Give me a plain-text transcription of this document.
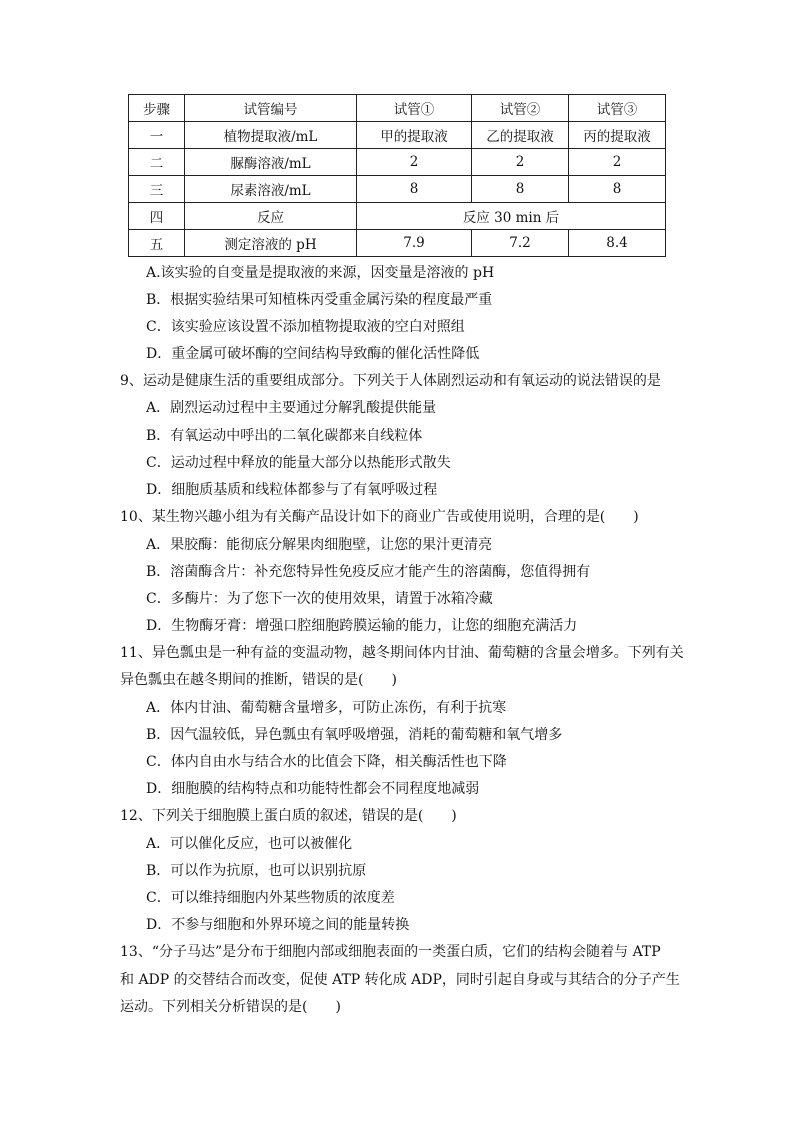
步骤	试管编号	试管①	试管②	试管③
一	植物提取液/mL	甲的提取液	乙的提取液	丙的提取液
二	脲酶溶液/mL	2	2	2
三	尿素溶液/mL	8	8	8
四	反应	反应 30 min 后		
五	测定溶液的 pH	7.9	7.2	8.4
A.该实验的自变量是提取液的来源，因变量是溶液的 pH
B．根据实验结果可知植株丙受重金属污染的程度最严重
C．该实验应该设置不添加植物提取液的空白对照组
D．重金属可破坏酶的空间结构导致酶的催化活性降低
9、运动是健康生活的重要组成部分。下列关于人体剧烈运动和有氧运动的说法错误的是
A．剧烈运动过程中主要通过分解乳酸提供能量
B．有氧运动中呼出的二氧化碳都来自线粒体
C．运动过程中释放的能量大部分以热能形式散失
D．细胞质基质和线粒体都参与了有氧呼吸过程
10、某生物兴趣小组为有关酶产品设计如下的商业广告或使用说明，合理的是(　　)
A．果胶酶：能彻底分解果肉细胞壁，让您的果汁更清亮
B．溶菌酶含片：补充您特异性免疫反应才能产生的溶菌酶，您值得拥有
C．多酶片：为了您下一次的使用效果，请置于冰箱冷藏
D．生物酶牙膏：增强口腔细胞跨膜运输的能力，让您的细胞充满活力
11、异色瓢虫是一种有益的变温动物，越冬期间体内甘油、葡萄糖的含量会增多。下列有关
异色瓢虫在越冬期间的推断，错误的是(　　)
A．体内甘油、葡萄糖含量增多，可防止冻伤，有利于抗寒
B．因气温较低，异色瓢虫有氧呼吸增强，消耗的葡萄糖和氧气增多
C．体内自由水与结合水的比值会下降，相关酶活性也下降
D．细胞膜的结构特点和功能特性都会不同程度地减弱
12、下列关于细胞膜上蛋白质的叙述，错误的是(　　)
A．可以催化反应，也可以被催化
B．可以作为抗原，也可以识别抗原
C．可以维持细胞内外某些物质的浓度差
D．不参与细胞和外界环境之间的能量转换
13、“分子马达”是分布于细胞内部或细胞表面的一类蛋白质，它们的结构会随着与 ATP
和 ADP 的交替结合而改变，促使 ATP 转化成 ADP，同时引起自身或与其结合的分子产生
运动。下列相关分析错误的是(　　)
